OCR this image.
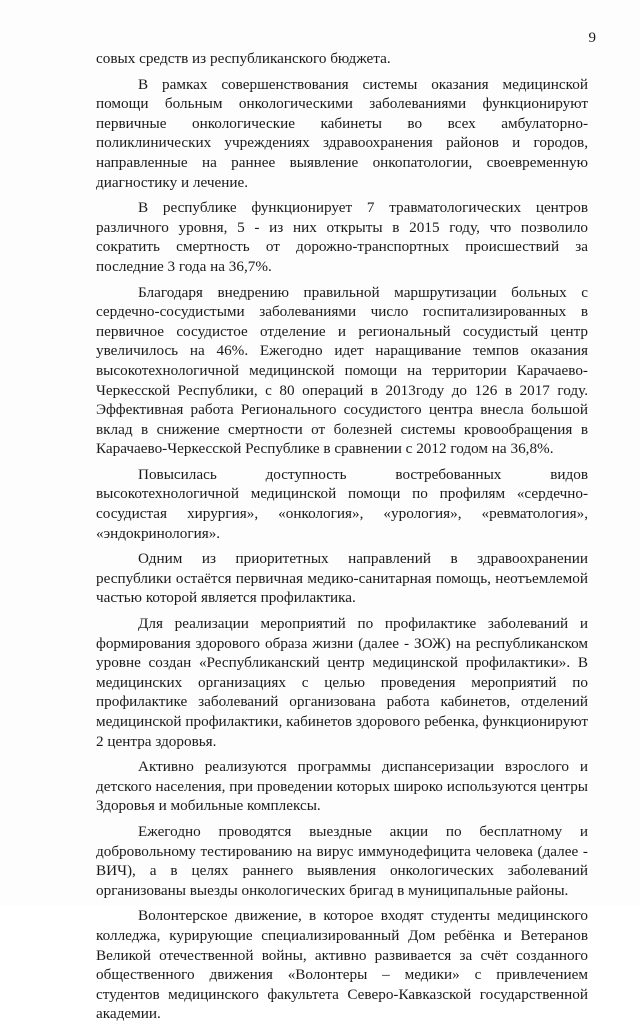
9

совых средств из республиканского бюджета.

В рамках совершенствования системы оказания медицинской помощи больным онкологическими заболеваниями функционируют первичные онкологические кабинеты во всех амбулаторно-поликлинических учреждениях здравоохранения районов и городов, направленные на раннее выявление онкопатологии, своевременную диагностику и лечение.

В республике функционирует 7 травматологических центров различного уровня, 5 - из них открыты в 2015 году, что позволило сократить смертность от дорожно-транспортных происшествий за последние 3 года на 36,7%.

Благодаря внедрению правильной маршрутизации больных с сердечно-сосудистыми заболеваниями число госпитализированных в первичное сосудистое отделение и региональный сосудистый центр увеличилось на 46%. Ежегодно идет наращивание темпов оказания высокотехнологичной медицинской помощи на территории Карачаево-Черкесской Республики, с 80 операций в 2013году до 126 в 2017 году. Эффективная работа Регионального сосудистого центра внесла большой вклад в снижение смертности от болезней системы кровообращения в Карачаево-Черкесской Республике в сравнении с 2012 годом на 36,8%.

Повысилась доступность востребованных видов высокотехнологичной медицинской помощи по профилям «сердечно-сосудистая хирургия», «онкология», «урология», «ревматология», «эндокринология».

Одним из приоритетных направлений в здравоохранении республики остаётся первичная медико-санитарная помощь, неотъемлемой частью которой является профилактика.

Для реализации мероприятий по профилактике заболеваний и формирования здорового образа жизни (далее - ЗОЖ) на республиканском уровне создан «Республиканский центр медицинской профилактики». В медицинских организациях с целью проведения мероприятий по профилактике заболеваний организована работа кабинетов, отделений медицинской профилактики, кабинетов здорового ребенка, функционируют 2 центра здоровья.

Активно реализуются программы диспансеризации взрослого и детского населения, при проведении которых широко используются центры Здоровья и мобильные комплексы.

Ежегодно проводятся выездные акции по бесплатному и добровольному тестированию на вирус иммунодефицита человека (далее - ВИЧ), а в целях раннего выявления онкологических заболеваний организованы выезды онкологических бригад в муниципальные районы.

Волонтерское движение, в которое входят студенты медицинского колледжа, курирующие специализированный Дом ребёнка и Ветеранов Великой отечественной войны, активно развивается за счёт созданного общественного движения «Волонтеры – медики» с привлечением студентов медицинского факультета Северо-Кавказской государственной академии.
